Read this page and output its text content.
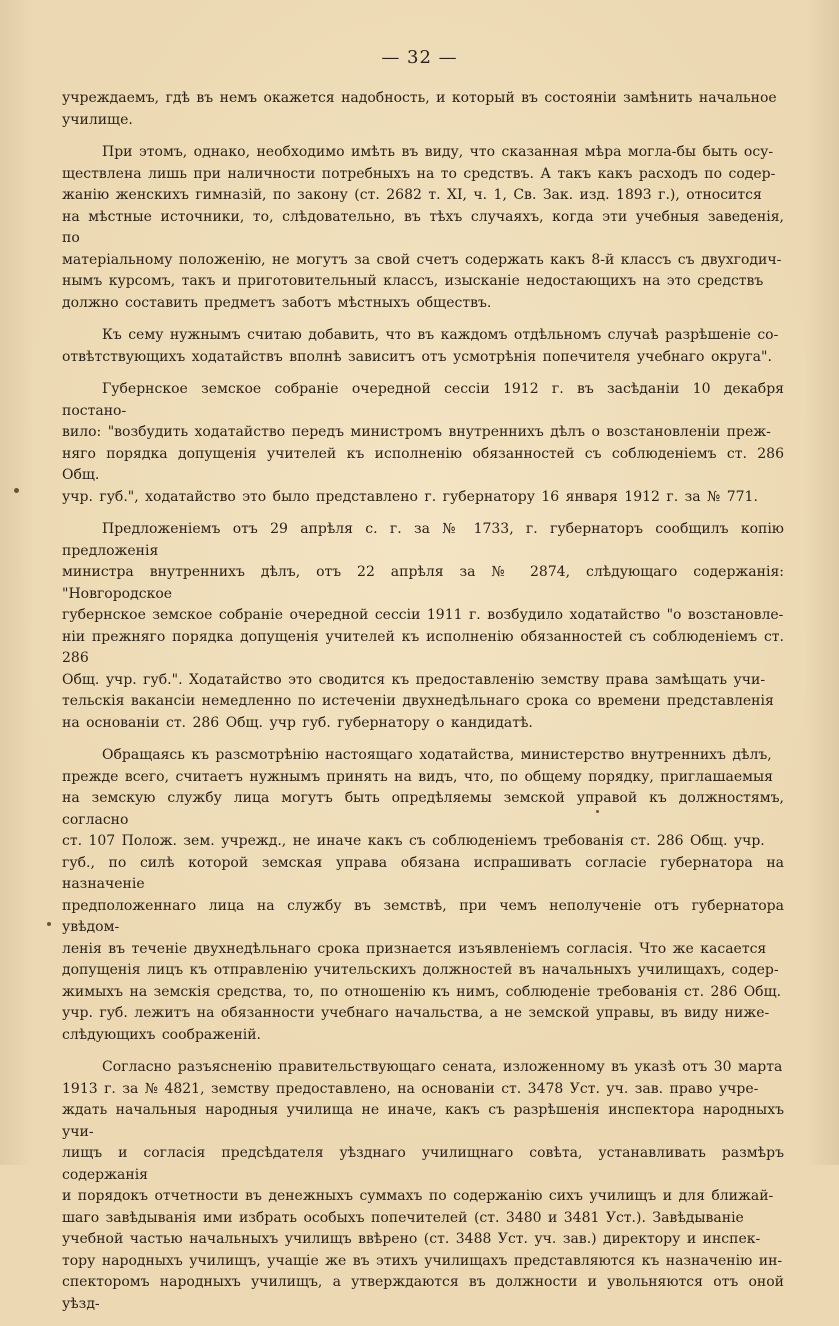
— 32 —

учреждаемъ, гдѣ въ немъ окажется надобность, и который въ состояніи замѣнить начальное
училище.

При этомъ, однако, необходимо имѣть въ виду, что сказанная мѣра могла-бы быть осу-
ществлена лишь при наличности потребныхъ на то средствъ. А такъ какъ расходъ по содер-
жанію женскихъ гимназій, по закону (ст. 2682 т. XI, ч. 1, Св. Зак. изд. 1893 г.), относится
на мѣстные источники, то, слѣдовательно, въ тѣхъ случаяхъ, когда эти учебныя заведенія, по
матеріальному положенію, не могутъ за свой счетъ содержать какъ 8-й классъ съ двухгодич-
нымъ курсомъ, такъ и приготовительный классъ, изысканіе недостающихъ на это средствъ
должно составить предметъ заботъ мѣстныхъ обществъ.

Къ сему нужнымъ считаю добавить, что въ каждомъ отдѣльномъ случаѣ разрѣшеніе со-
отвѣтствующихъ ходатайствъ вполнѣ зависитъ отъ усмотрѣнія попечителя учебнаго округа".

Губернское земское собраніе очередной сессіи 1912 г. въ засѣданіи 10 декабря постано-
вило: "возбудить ходатайство передъ министромъ внутреннихъ дѣлъ о возстановленіи преж-
няго порядка допущенія учителей къ исполненію обязанностей съ соблюденіемъ ст. 286 Общ.
учр. губ.", ходатайство это было представлено г. губернатору 16 января 1912 г. за № 771.

Предложеніемъ отъ 29 апрѣля с. г. за № 1733, г. губернаторъ сообщилъ копію предложенія
министра внутреннихъ дѣлъ, отъ 22 апрѣля за № 2874, слѣдующаго содержанія: "Новгородское
губернское земское собраніе очередной сессіи 1911 г. возбудило ходатайство "о возстановле-
ніи прежняго порядка допущенія учителей къ исполненію обязанностей съ соблюденіемъ ст. 286
Общ. учр. губ.". Ходатайство это сводится къ предоставленію земству права замѣщать учи-
тельскія вакансіи немедленно по истеченіи двухнедѣльнаго срока со времени представленія
на основаніи ст. 286 Общ. учр губ. губернатору о кандидатѣ.

Обращаясь къ разсмотрѣнію настоящаго ходатайства, министерство внутреннихъ дѣлъ,
прежде всего, считаетъ нужнымъ принять на видъ, что, по общему порядку, приглашаемыя
на земскую службу лица могутъ быть опредѣляемы земской управой къ должностямъ, согласно
ст. 107 Полож. зем. учрежд., не иначе какъ съ соблюденіемъ требованія ст. 286 Общ. учр.
губ., по силѣ которой земская управа обязана испрашивать согласіе губернатора на назначеніе
предположеннаго лица на службу въ земствѣ, при чемъ неполученіе отъ губернатора увѣдом-
ленія въ теченіе двухнедѣльнаго срока признается изъявленіемъ согласія. Что же касается
допущенія лицъ къ отправленію учительскихъ должностей въ начальныхъ училищахъ, содер-
жимыхъ на земскія средства, то, по отношенію къ нимъ, соблюденіе требованія ст. 286 Общ.
учр. губ. лежитъ на обязанности учебнаго начальства, а не земской управы, въ виду ниже-
слѣдующихъ соображеній.

Согласно разъясненію правительствующаго сената, изложенному въ указѣ отъ 30 марта
1913 г. за № 4821, земству предоставлено, на основаніи ст. 3478 Уст. уч. зав. право учре-
ждать начальныя народныя училища не иначе, какъ съ разрѣшенія инспектора народныхъ учи-
лищъ и согласія предсѣдателя уѣзднаго училищнаго совѣта, устанавливать размѣръ содержанія
и порядокъ отчетности въ денежныхъ суммахъ по содержанію сихъ училищъ и для ближай-
шаго завѣдыванія ими избрать особыхъ попечителей (ст. 3480 и 3481 Уст.). Завѣдываніе
учебной частью начальныхъ училищъ ввѣрено (ст. 3488 Уст. уч. зав.) директору и инспек-
тору народныхъ училищъ, учащіе же въ этихъ училищахъ представляются къ назначенію ин-
спекторомъ народныхъ училищъ, а утверждаются въ должности и увольняются отъ оной уѣзд-
